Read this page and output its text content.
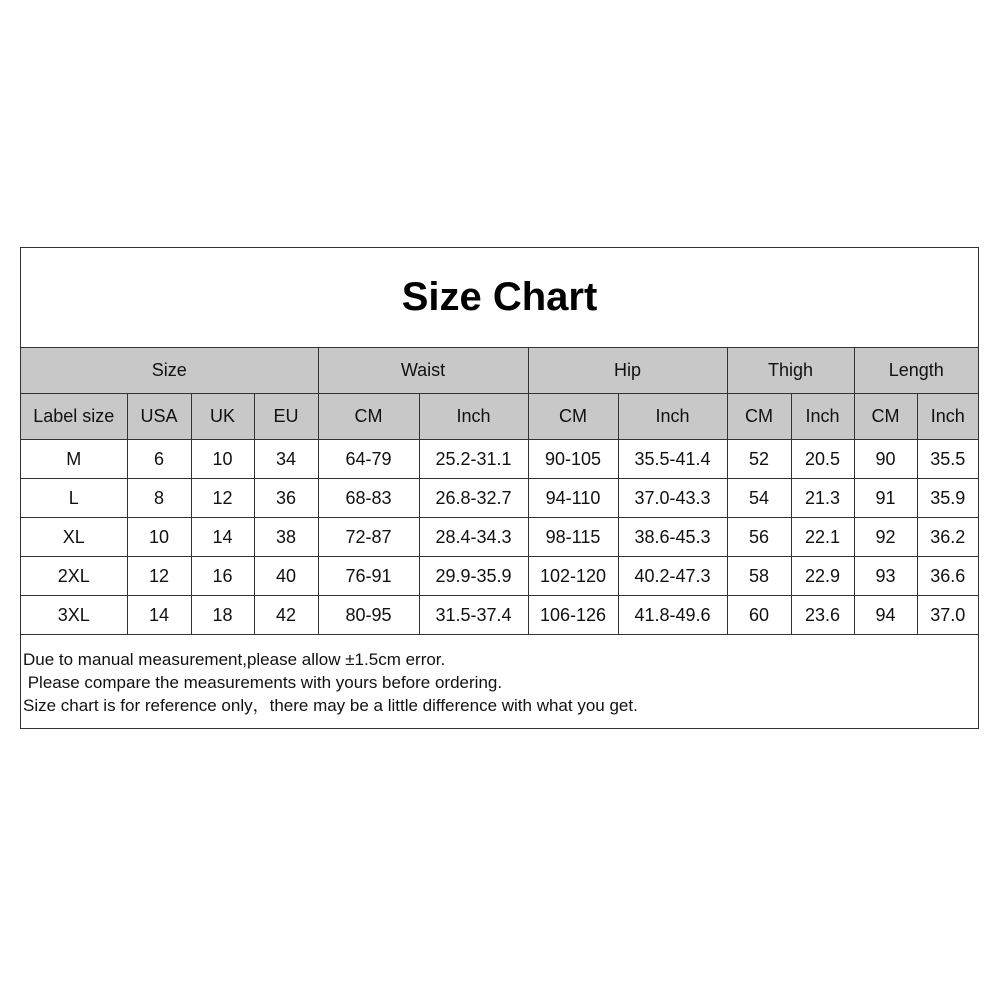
Size Chart
Size				Waist		Hip		Thigh		Length	
Label size	USA	UK	EU	CM	Inch	CM	Inch	CM	Inch	CM	Inch
M	6	10	34	64-79	25.2-31.1	90-105	35.5-41.4	52	20.5	90	35.5
L	8	12	36	68-83	26.8-32.7	94-110	37.0-43.3	54	21.3	91	35.9
XL	10	14	38	72-87	28.4-34.3	98-115	38.6-45.3	56	22.1	92	36.2
2XL	12	16	40	76-91	29.9-35.9	102-120	40.2-47.3	58	22.9	93	36.6
3XL	14	18	42	80-95	31.5-37.4	106-126	41.8-49.6	60	23.6	94	37.0
Due to manual measurement,please allow ±1.5cm error.
Please compare the measurements with yours before ordering.
Size chart is for reference only，there may be a little difference with what you get.
